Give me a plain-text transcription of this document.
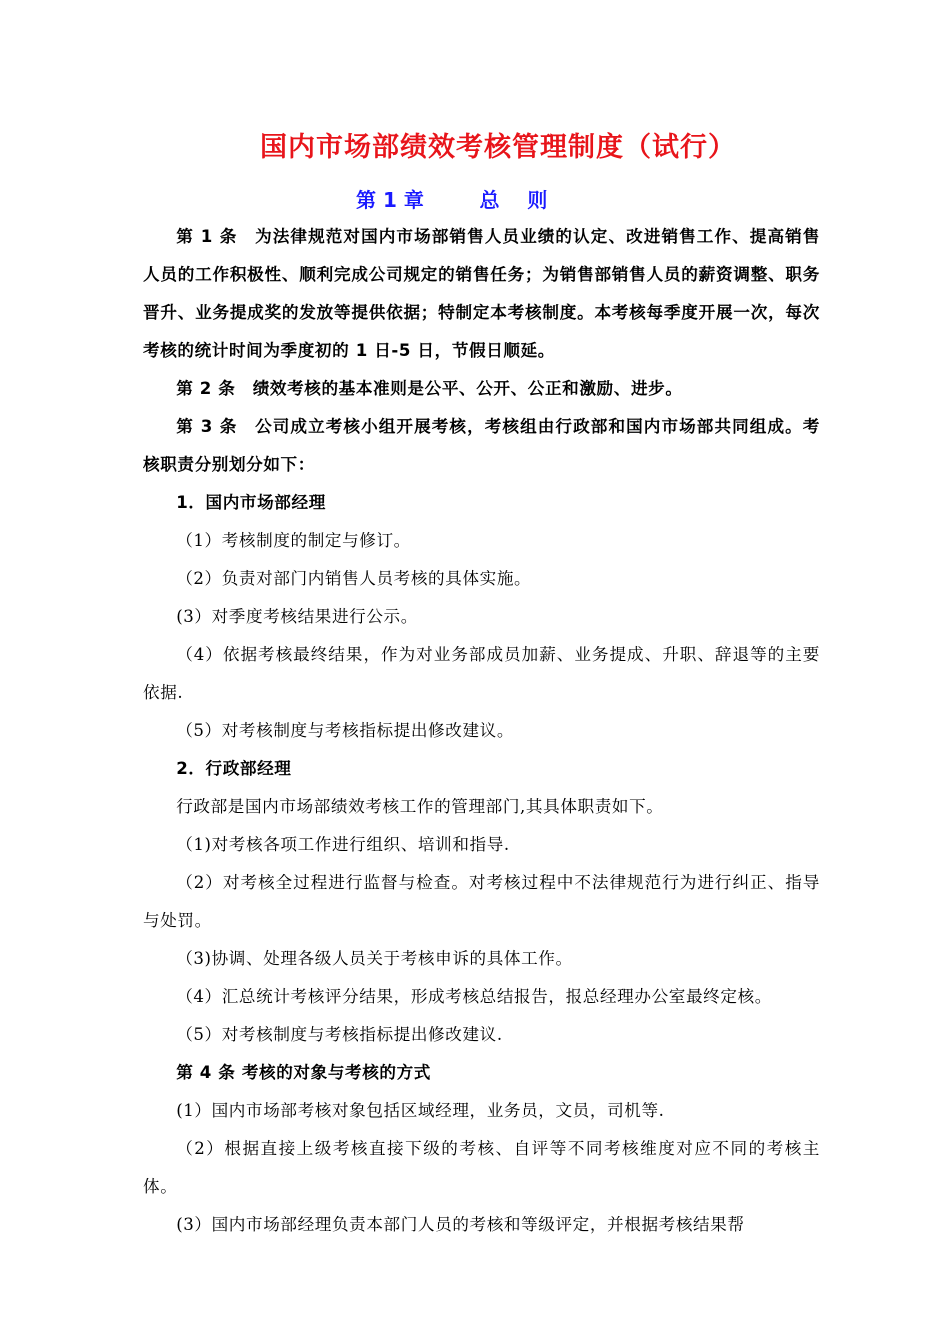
国内市场部绩效考核管理制度（试行）
第 1 章        总    则

第 1 条　 为法律规范对国内市场部销售人员业绩的认定、改进销售工作、提高销售人员的工作积极性、顺利完成公司规定的销售任务；为销售部销售人员的薪资调整、职务晋升、业务提成奖的发放等提供依据；特制定本考核制度。本考核每季度开展一次，每次考核的统计时间为季度初的 1 日-5 日，节假日顺延。

第 2 条　 绩效考核的基本准则是公平、公开、公正和激励、进步。

第 3 条　 公司成立考核小组开展考核，考核组由行政部和国内市场部共同组成。考核职责分别划分如下：

1．国内市场部经理

（1）考核制度的制定与修订。

（2）负责对部门内销售人员考核的具体实施。

(3）对季度考核结果进行公示。

（4）依据考核最终结果，作为对业务部成员加薪、业务提成、升职、辞退等的主要依据.

（5）对考核制度与考核指标提出修改建议。

2．行政部经理

行政部是国内市场部绩效考核工作的管理部门,其具体职责如下。

（1)对考核各项工作进行组织、培训和指导.

（2）对考核全过程进行监督与检查。对考核过程中不法律规范行为进行纠正、指导与处罚。

（3)协调、处理各级人员关于考核申诉的具体工作。

（4）汇总统计考核评分结果，形成考核总结报告，报总经理办公室最终定核。

（5）对考核制度与考核指标提出修改建议.

第 4 条 考核的对象与考核的方式

(1）国内市场部考核对象包括区域经理，业务员，文员，司机等.

（2）根据直接上级考核直接下级的考核、自评等不同考核维度对应不同的考核主体。

(3）国内市场部经理负责本部门人员的考核和等级评定，并根据考核结果帮
